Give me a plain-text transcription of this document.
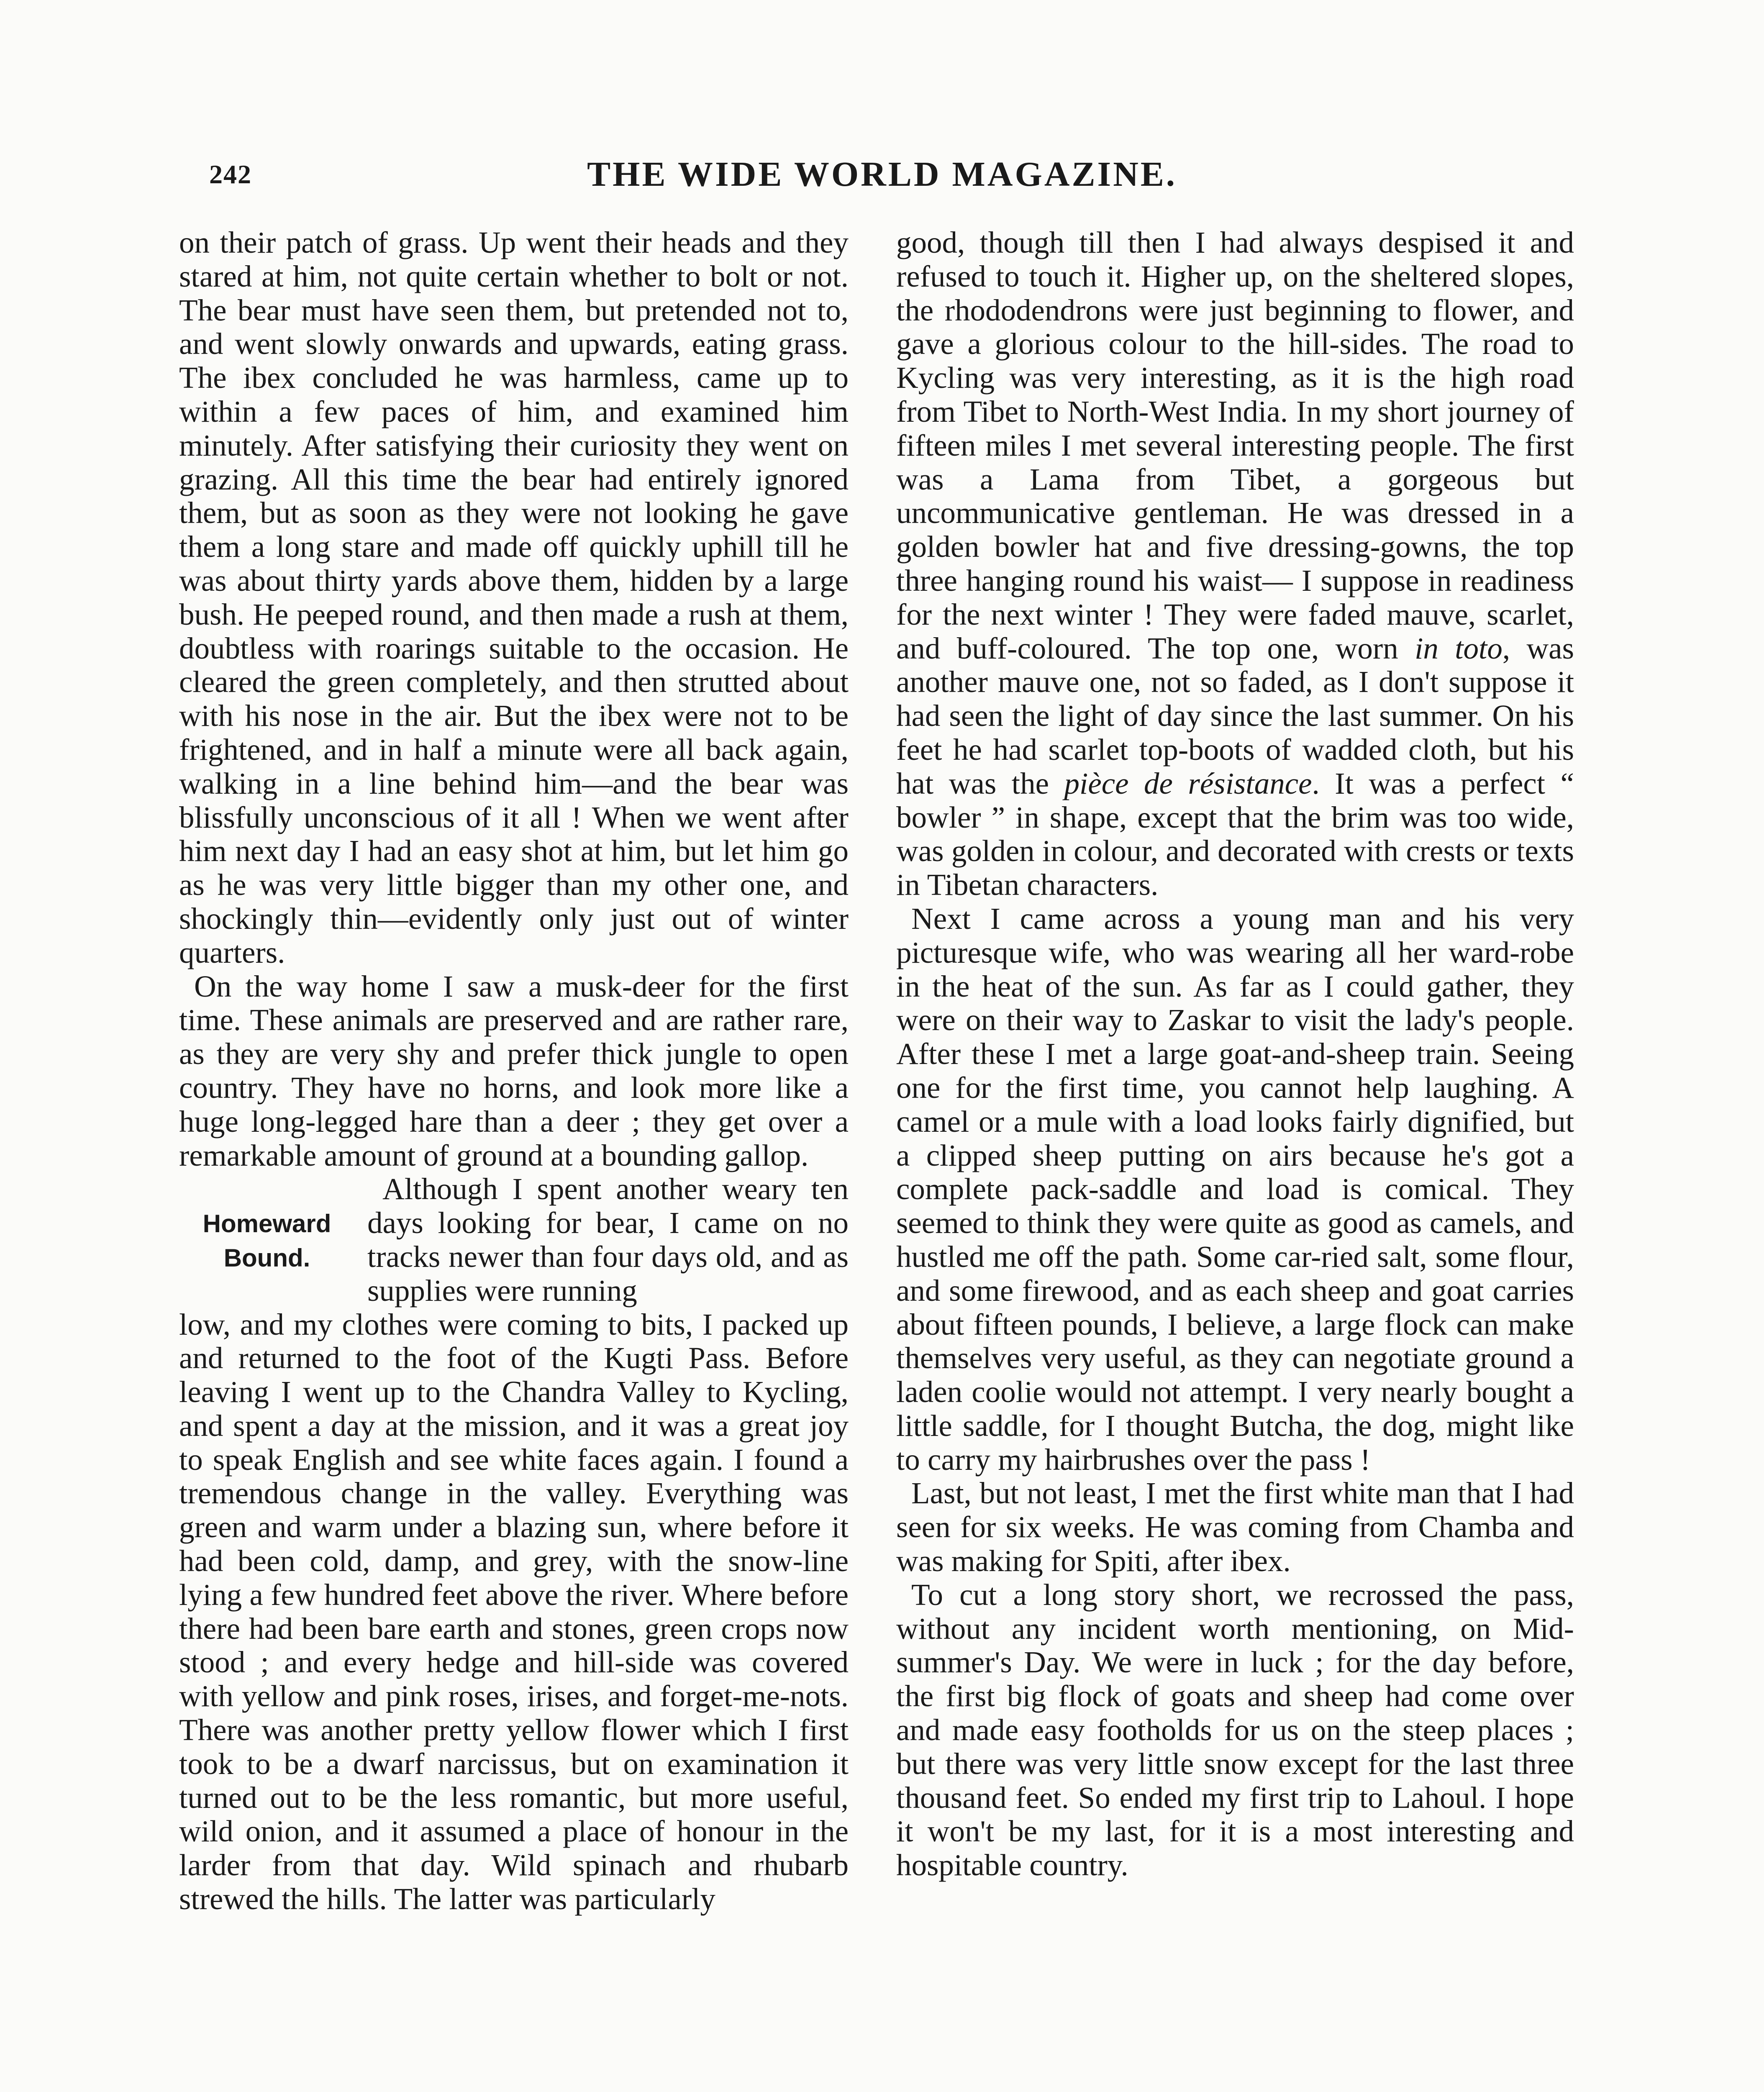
242	THE WIDE WORLD MAGAZINE.

on their patch of grass. Up went their heads and they stared at him, not quite certain whether to bolt or not. The bear must have seen them, but pretended not to, and went slowly onwards and upwards, eating grass. The ibex concluded he was harmless, came up to within a few paces of him, and examined him minutely. After satisfying their curiosity they went on grazing. All this time the bear had entirely ignored them, but as soon as they were not looking he gave them a long stare and made off quickly uphill till he was about thirty yards above them, hidden by a large bush. He peeped round, and then made a rush at them, doubtless with roarings suitable to the occasion. He cleared the green completely, and then strutted about with his nose in the air. But the ibex were not to be frightened, and in half a minute were all back again, walking in a line behind him—and the bear was blissfully unconscious of it all ! When we went after him next day I had an easy shot at him, but let him go as he was very little bigger than my other one, and shockingly thin—evidently only just out of winter quarters.

On the way home I saw a musk-deer for the first time. These animals are preserved and are rather rare, as they are very shy and prefer thick jungle to open country. They have no horns, and look more like a huge long-legged hare than a deer ; they get over a remarkable amount of ground at a bounding gallop.

Homeward
Bound.

Although I spent another weary ten days looking for bear, I came on no tracks newer than four days old, and as supplies were running

low, and my clothes were coming to bits, I packed up and returned to the foot of the Kugti Pass. Before leaving I went up to the Chandra Valley to Kycling, and spent a day at the mission, and it was a great joy to speak English and see white faces again. I found a tremendous change in the valley. Everything was green and warm under a blazing sun, where before it had been cold, damp, and grey, with the snow-line lying a few hundred feet above the river. Where before there had been bare earth and stones, green crops now stood ; and every hedge and hill-side was covered with yellow and pink roses, irises, and forget-me-nots. There was another pretty yellow flower which I first took to be a dwarf narcissus, but on examination it turned out to be the less romantic, but more useful, wild onion, and it assumed a place of honour in the larder from that day. Wild spinach and rhubarb strewed the hills. The latter was particularly

good, though till then I had always despised it and refused to touch it. Higher up, on the sheltered slopes, the rhododendrons were just beginning to flower, and gave a glorious colour to the hill-sides. The road to Kycling was very interesting, as it is the high road from Tibet to North-West India. In my short journey of fifteen miles I met several interesting people. The first was a Lama from Tibet, a gorgeous but uncommunicative gentleman. He was dressed in a golden bowler hat and five dressing-gowns, the top three hanging round his waist— I suppose in readiness for the next winter ! They were faded mauve, scarlet, and buff-coloured. The top one, worn in toto, was another mauve one, not so faded, as I don't suppose it had seen the light of day since the last summer. On his feet he had scarlet top-boots of wadded cloth, but his hat was the pièce de résistance. It was a perfect “ bowler ” in shape, except that the brim was too wide, was golden in colour, and decorated with crests or texts in Tibetan characters.

Next I came across a young man and his very picturesque wife, who was wearing all her ward-robe in the heat of the sun. As far as I could gather, they were on their way to Zaskar to visit the lady's people. After these I met a large goat-and-sheep train. Seeing one for the first time, you cannot help laughing. A camel or a mule with a load looks fairly dignified, but a clipped sheep putting on airs because he's got a complete pack-saddle and load is comical. They seemed to think they were quite as good as camels, and hustled me off the path. Some car-ried salt, some flour, and some firewood, and as each sheep and goat carries about fifteen pounds, I believe, a large flock can make themselves very useful, as they can negotiate ground a laden coolie would not attempt. I very nearly bought a little saddle, for I thought Butcha, the dog, might like to carry my hairbrushes over the pass !

Last, but not least, I met the first white man that I had seen for six weeks. He was coming from Chamba and was making for Spiti, after ibex.

To cut a long story short, we recrossed the pass, without any incident worth mentioning, on Mid-summer's Day. We were in luck ; for the day before, the first big flock of goats and sheep had come over and made easy footholds for us on the steep places ; but there was very little snow except for the last three thousand feet. So ended my first trip to Lahoul. I hope it won't be my last, for it is a most interesting and hospitable country.
